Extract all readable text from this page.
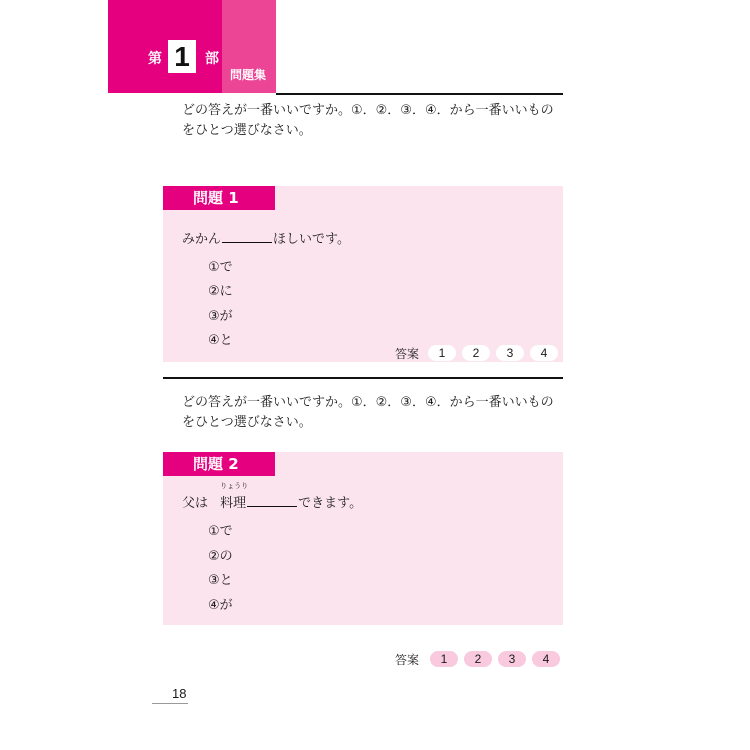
第 1	部
問題集
どの答えが一番いいですか。①．②．③．④．から一番いいもの
をひとつ選びなさい。
問題 1
みかん	ほしいです。
①で
②に
③が
④と
答案	1	2	3	4
どの答えが一番いいですか。①．②．③．④．から一番いいもの
をひとつ選びなさい。
問題 2
父は
りょうり
料理	できます。
①で
②の
③と
④が
答案	1	2	3	4
18
